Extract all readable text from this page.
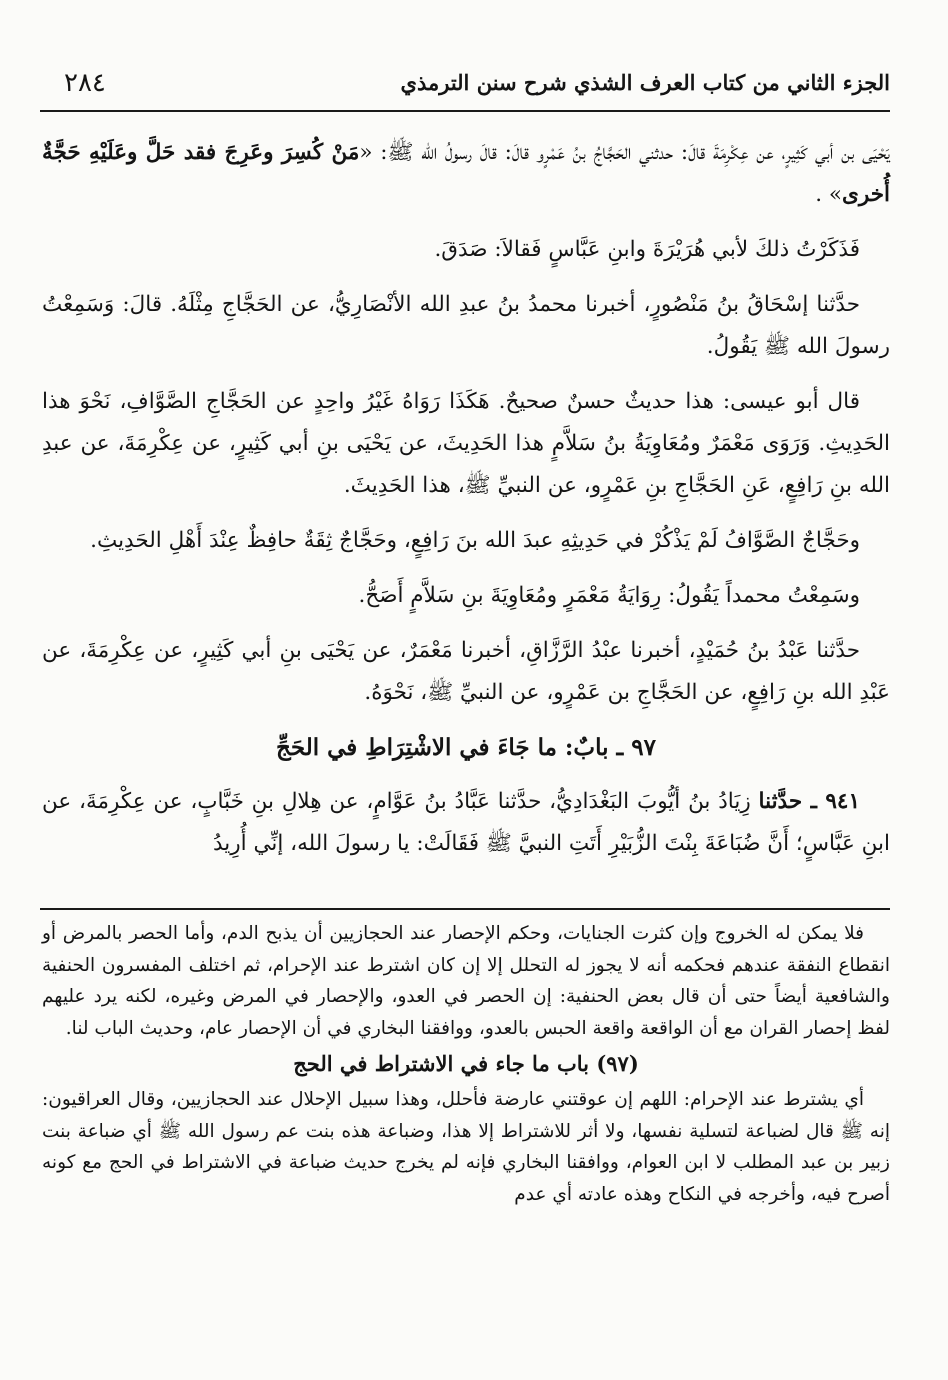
٢٨٤	الجزء الثاني من كتاب العرف الشذي شرح سنن الترمذي

يَحْيَى بن أبي كَثِيرٍ، عن عِكْرِمَةَ قالَ: حدثني الحَجَّاجُ بنُ عَمْرٍو قالَ: قالَ رسولُ الله ﷺ: «مَنْ كُسِرَ وعَرِجَ فقد حَلَّ وعَلَيْهِ حَجَّةٌ أُخرى» .

فَذَكَرْتُ ذلكَ لأبي هُرَيْرَةَ وابنِ عَبَّاسٍ فَقالاَ: صَدَقَ.

حدَّثنا إسْحَاقُ بنُ مَنْصُورٍ، أخبرنا محمدُ بنُ عبدِ الله الأنْصَارِيُّ، عن الحَجَّاجِ مِثْلَهُ. قالَ: وَسَمِعْتُ رسولَ الله ﷺ يَقُولُ.

قال أبو عيسى: هذا حديثٌ حسنٌ صحيحٌ. هَكَذَا رَوَاهُ غَيْرُ واحِدٍ عن الحَجَّاجِ الصَّوَّافِ، نَحْوَ هذا الحَدِيثِ. وَرَوَى مَعْمَرٌ ومُعَاوِيَةُ بنُ سَلاَّمٍ هذا الحَدِيثَ، عن يَحْيَى بنِ أبي كَثِيرٍ، عن عِكْرِمَةَ، عن عبدِ الله بنِ رَافِعٍ، عَنِ الحَجَّاجِ بنِ عَمْرٍو، عن النبيِّ ﷺ، هذا الحَدِيثَ.

وحَجَّاجٌ الصَّوَّافُ لَمْ يَذْكُرْ في حَدِيثِهِ عبدَ الله بنَ رَافِعٍ، وحَجَّاجٌ ثِقَةٌ حافِظٌ عِنْدَ أَهْلِ الحَدِيثِ.

وسَمِعْتُ محمداً يَقُولُ: رِوَايَةُ مَعْمَرٍ ومُعَاوِيَةَ بنِ سَلاَّمٍ أَصَحُّ.

حدَّثنا عَبْدُ بنُ حُمَيْدٍ، أخبرنا عبْدُ الرَّزَّاقِ، أخبرنا مَعْمَرٌ، عن يَحْيَى بنِ أبي كَثِيرٍ، عن عِكْرِمَةَ، عن عَبْدِ الله بنِ رَافِعٍ، عن الحَجَّاجِ بن عَمْرٍو، عن النبيِّ ﷺ، نَحْوَهُ.

٩٧ ـ بابٌ: ما جَاءَ في الاشْتِرَاطِ في الحَجِّ

٩٤١ ـ حدَّثنا زِيَادُ بنُ أيُّوبَ البَغْدَادِيُّ، حدَّثنا عَبَّادُ بنُ عَوَّامٍ، عن هِلالِ بنِ خَبَّابٍ، عن عِكْرِمَةَ، عن ابنِ عَبَّاسٍ؛ أَنَّ ضُبَاعَةَ بِنْتَ الزُّبَيْرِ أَتَتِ النبيَّ ﷺ فَقَالَتْ: يا رسولَ الله، إنِّي أُرِيدُ

فلا يمكن له الخروج وإن كثرت الجنايات، وحكم الإحصار عند الحجازيين أن يذبح الدم، وأما الحصر بالمرض أو انقطاع النفقة عندهم فحكمه أنه لا يجوز له التحلل إلا إن كان اشترط عند الإحرام، ثم اختلف المفسرون الحنفية والشافعية أيضاً حتى أن قال بعض الحنفية: إن الحصر في العدو، والإحصار في المرض وغيره، لكنه يرد عليهم لفظ إحصار القران مع أن الواقعة واقعة الحبس بالعدو، ووافقنا البخاري في أن الإحصار عام، وحديث الباب لنا.

(٩٧) باب ما جاء في الاشتراط في الحج

أي يشترط عند الإحرام: اللهم إن عوقتني عارضة فأحلل، وهذا سبيل الإحلال عند الحجازيين، وقال العراقيون: إنه ﷺ قال لضباعة لتسلية نفسها، ولا أثر للاشتراط إلا هذا، وضباعة هذه بنت عم رسول الله ﷺ أي ضباعة بنت زبير بن عبد المطلب لا ابن العوام، ووافقنا البخاري فإنه لم يخرج حديث ضباعة في الاشتراط في الحج مع كونه أصرح فيه، وأخرجه في النكاح وهذه عادته أي عدم
